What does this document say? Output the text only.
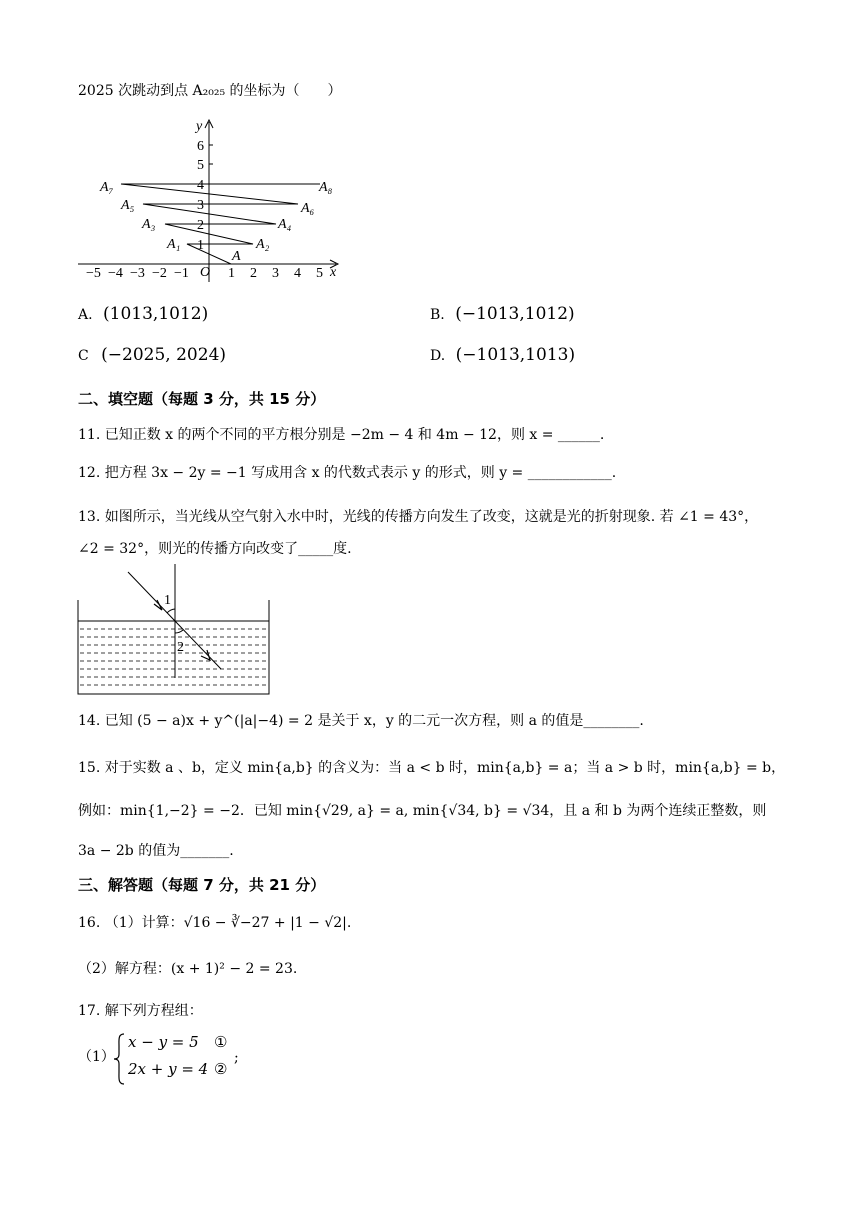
2025 次跳动到点 A₂₀₂₅ 的坐标为（　　）
y
x
O
1
2
3
4
5
6
−5 −4 −3 −2 −1	1 2 3 4 5
A
A₁	A₂
A₃	A₄
A₅	A₆
A₇	A₈
A. (1013,1012)	B. (−1013,1012)
C (−2025, 2024)	D. (−1013,1013)
二、填空题（每题 3 分，共 15 分）
11. 已知正数 x 的两个不同的平方根分别是 −2m − 4 和 4m − 12，则 x = ______.
12. 把方程 3x − 2y = −1 写成用含 x 的代数式表示 y 的形式，则 y = ____________.
13. 如图所示，当光线从空气射入水中时，光线的传播方向发生了改变，这就是光的折射现象. 若 ∠1 = 43°，
∠2 = 32°，则光的传播方向改变了_____度.
1
2
14. 已知 (5 − a)x + y^(|a|−4) = 2 是关于 x，y 的二元一次方程，则 a 的值是________.
15. 对于实数 a 、b，定义 min{a,b} 的含义为：当 a < b 时，min{a,b} = a；当 a > b 时，min{a,b} = b，
例如：min{1,−2} = −2．已知 min{√29, a} = a, min{√34, b} = √34，且 a 和 b 为两个连续正整数，则
3a − 2b 的值为_______.
三、解答题（每题 7 分，共 21 分）
16. （1）计算：√16 − ∛−27 + |1 − √2|.
（2）解方程：(x + 1)² − 2 = 23.
17. 解下列方程组：
（1）
x − y = 5 ①
2x + y = 4 ②
;
